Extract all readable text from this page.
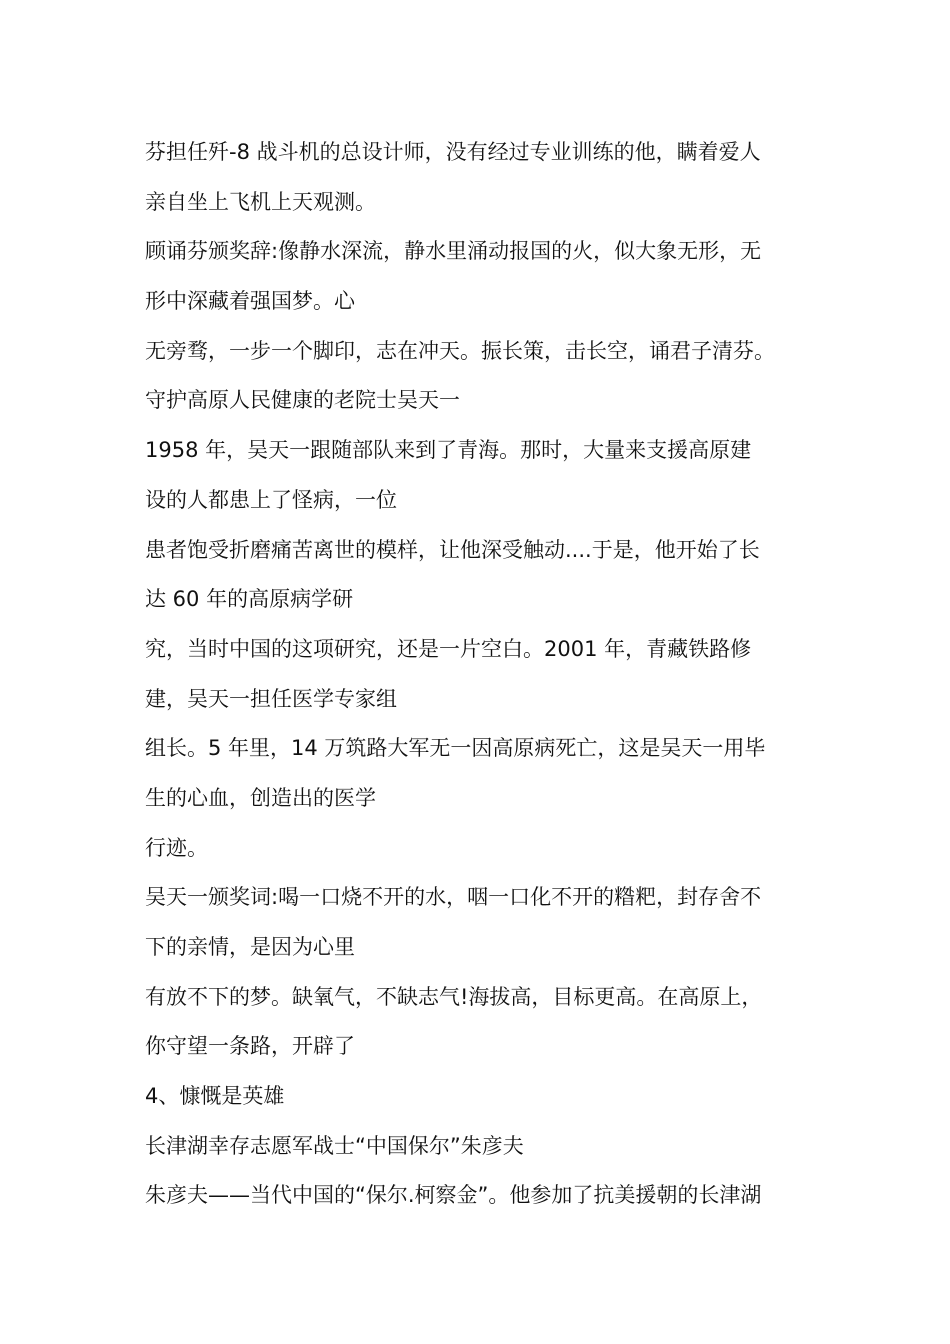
芬担任歼-8 战斗机的总设计师，没有经过专业训练的他，瞒着爱人
亲自坐上飞机上天观测。
顾诵芬颁奖辞:像静水深流，静水里涌动报国的火，似大象无形，无
形中深藏着强国梦。心
无旁骛，一步一个脚印，志在冲天。振长策，击长空，诵君子清芬。
守护高原人民健康的老院士吴天一
1958 年，吴天一跟随部队来到了青海。那时，大量来支援高原建
设的人都患上了怪病，一位
患者饱受折磨痛苦离世的模样，让他深受触动....于是，他开始了长
达 60 年的高原病学研
究，当时中国的这项研究，还是一片空白。2001 年，青藏铁路修
建，吴天一担任医学专家组
组长。5 年里，14 万筑路大军无一因高原病死亡，这是吴天一用毕
生的心血，创造出的医学
行迹。
吴天一颁奖词:喝一口烧不开的水，咽一口化不开的糌粑，封存舍不
下的亲情，是因为心里
有放不下的梦。缺氧气，不缺志气!海拔高，目标更高。在高原上，
你守望一条路，开辟了
4、慷慨是英雄
长津湖幸存志愿军战士“中国保尔”朱彦夫
朱彦夫——当代中国的“保尔.柯察金”。他参加了抗美援朝的长津湖
